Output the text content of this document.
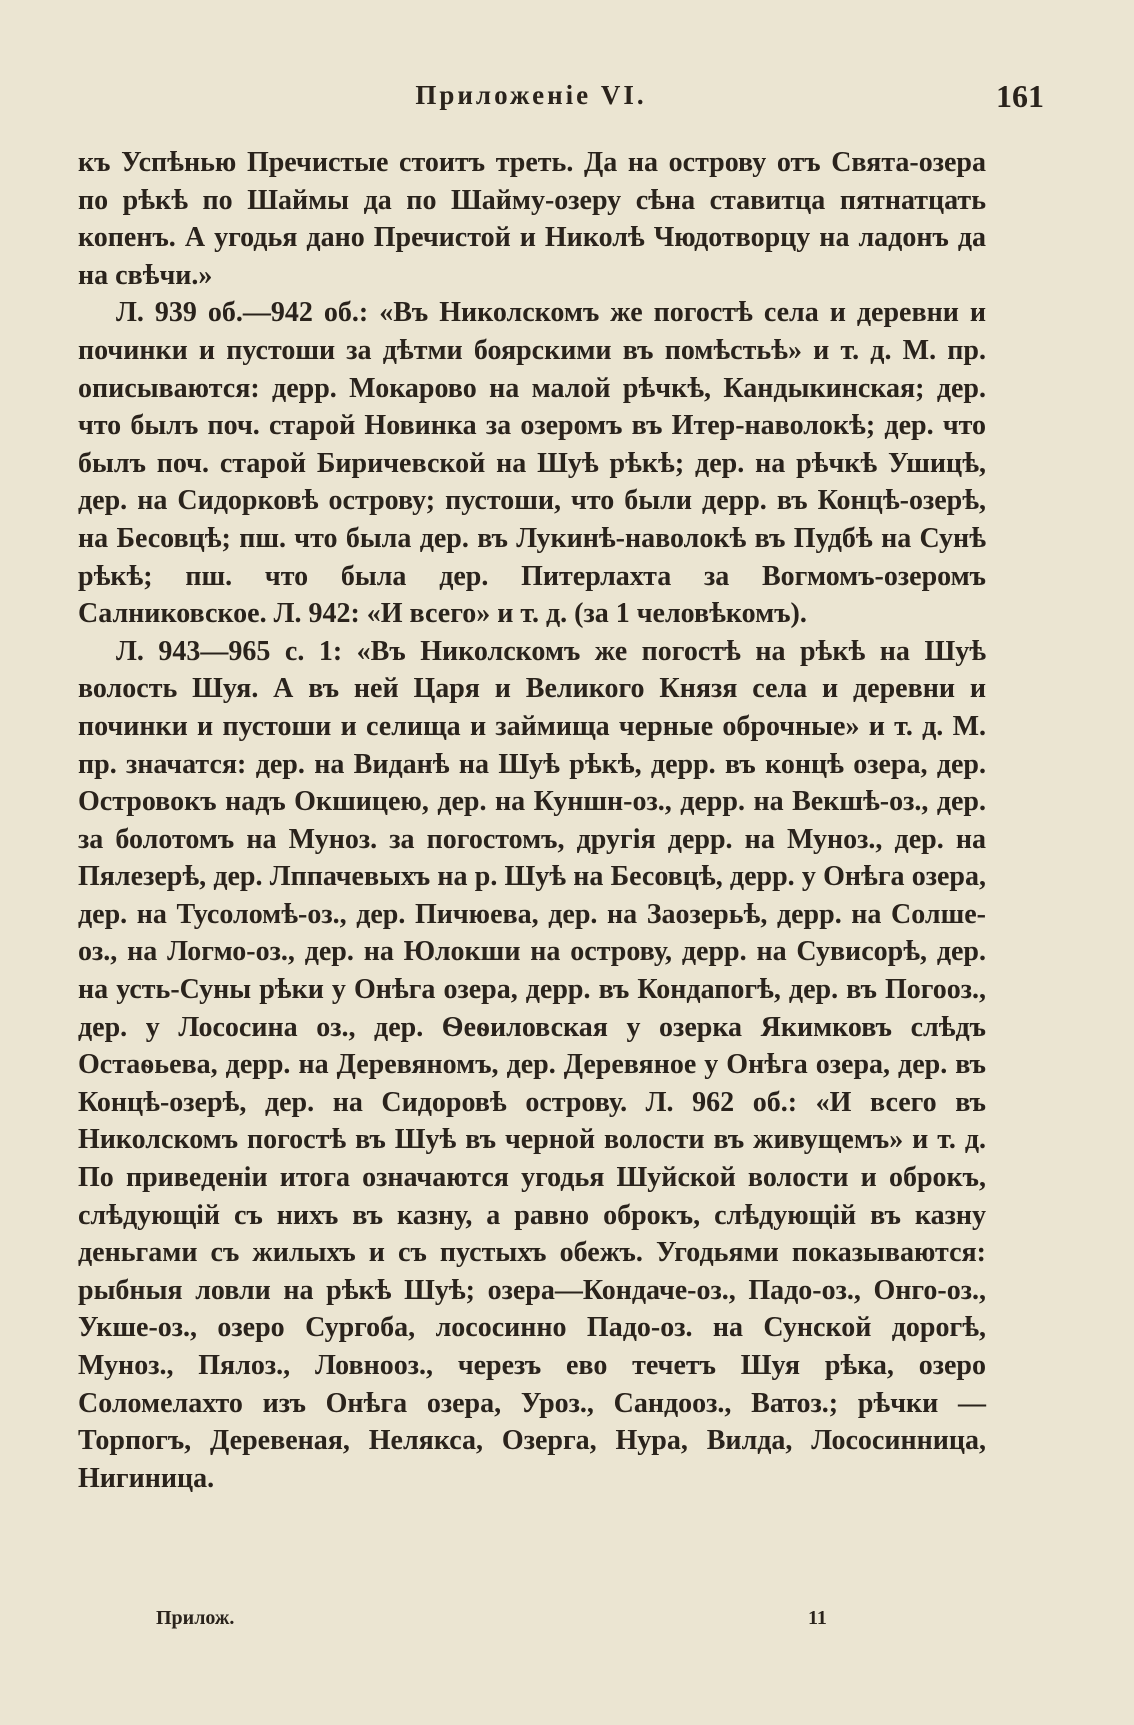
Приложеніе VI.	161

къ Успѣнью Пречистые стоитъ треть. Да на острову отъ Свята-озера по рѣкѣ по Шаймы да по Шайму-озеру сѣна ставитца пятнатцать копенъ. А угодья дано Пречистой и Николѣ Чюдотворцу на ладонъ да на свѣчи.»

Л. 939 об.—942 об.: «Въ Николскомъ же погостѣ села и деревни и починки и пустоши за дѣтми боярскими въ помѣстьѣ» и т. д. М. пр. описываются: дерр. Мокарово на малой рѣчкѣ, Кандыкинская; дер. что былъ поч. старой Новинка за озеромъ въ Итер-наволокѣ; дер. что былъ поч. старой Биричевской на Шуѣ рѣкѣ; дер. на рѣчкѣ Ушицѣ, дер. на Сидорковѣ острову; пустоши, что были дерр. въ Концѣ-озерѣ, на Бесовцѣ; пш. что была дер. въ Лукинѣ-наволокѣ въ Пудбѣ на Сунѣ рѣкѣ; пш. что была дер. Питерлахта за Вогмомъ-озеромъ Салниковское. Л. 942: «И всего» и т. д. (за 1 человѣкомъ).

Л. 943—965 с. 1: «Въ Николскомъ же погостѣ на рѣкѣ на Шуѣ волость Шуя. А въ ней Царя и Великого Князя села и деревни и починки и пустоши и селища и займища черные оброчные» и т. д. М. пр. значатся: дер. на Виданѣ на Шуѣ рѣкѣ, дерр. въ концѣ озера, дер. Островокъ надъ Окшицею, дер. на Куншн-оз., дерр. на Векшѣ-оз., дер. за болотомъ на Муноз. за погостомъ, другія дерр. на Муноз., дер. на Пялезерѣ, дер. Лппачевыхъ на р. Шуѣ на Бесовцѣ, дерр. у Онѣга озера, дер. на Тусоломѣ-оз., дер. Пичюева, дер. на Заозерьѣ, дерр. на Солше-оз., на Логмо-оз., дер. на Юлокши на острову, дерр. на Сувисорѣ, дер. на усть-Суны рѣки у Онѣга озера, дерр. въ Кондапогѣ, дер. въ Погооз., дер. у Лососина оз., дер. Ѳеѳиловская у озерка Якимковъ слѣдъ Остаѳьева, дерр. на Деревяномъ, дер. Деревяное у Онѣга озера, дер. въ Концѣ-озерѣ, дер. на Сидоровѣ острову. Л. 962 об.: «И всего въ Николскомъ погостѣ въ Шуѣ въ черной волости въ живущемъ» и т. д. По приведеніи итога означаются угодья Шуйской волости и оброкъ, слѣдующій съ нихъ въ казну, а равно оброкъ, слѣдующій въ казну деньгами съ жилыхъ и съ пустыхъ обежъ. Угодьями показываются: рыбныя ловли на рѣкѣ Шуѣ; озера—Кондаче-оз., Падо-оз., Онго-оз., Укше-оз., озеро Сургоба, лососинно Падо-оз. на Сунской дорогѣ, Муноз., Пялоз., Ловноoз., черезъ ево течетъ Шуя рѣка, озеро Соломелахто изъ Онѣга озера, Уроз., Сандооз., Ватоз.; рѣчки —Торпогъ, Деревеная, Нелякса, Озерга, Нура, Вилда, Лососинница, Нигиница.

Прилож.	11
